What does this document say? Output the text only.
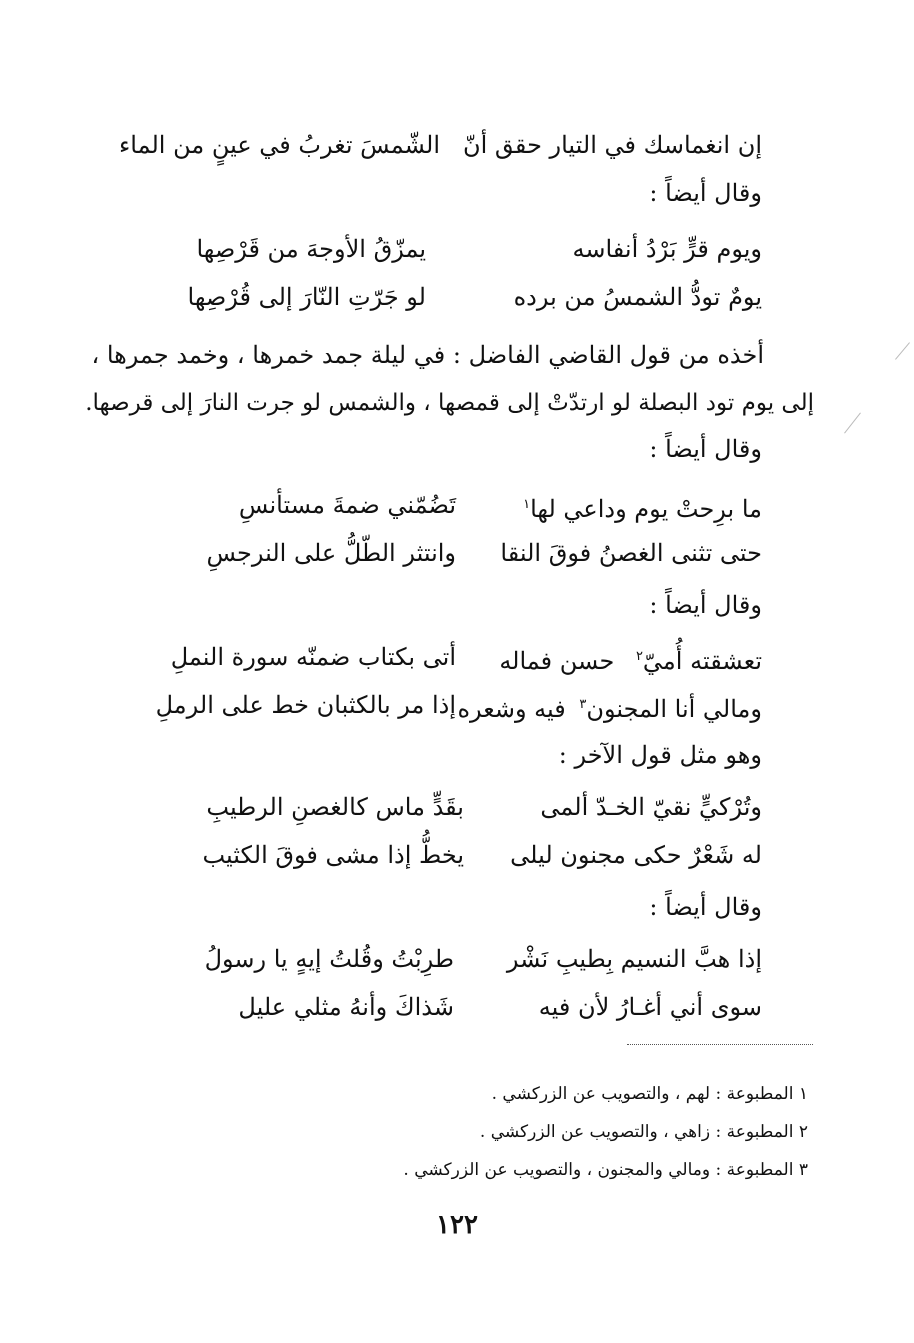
إن انغماسك في التيار حقق أنّ
الشّمسَ تغربُ في عينٍ من الماء
وقال أيضاً :
ويوم قرٍّ بَرْدُ أنفاسه
يمزّقُ الأوجهَ من قَرْصِها
يومٌ تودُّ الشمسُ من برده
لو جَرّتِ النّارَ إلى قُرْصِها
أخذه من قول القاضي الفاضل : في ليلة جمد خمرها ، وخمد جمرها ،
إلى يوم تود البصلة لو ارتدّتْ إلى قمصها ، والشمس لو جرت النارَ إلى قرصها.
وقال أيضاً :
ما برِحتْ يوم وداعي لها$^١$
تَضُمّني ضمةَ مستأنسِ
حتى تثنى الغصنُ فوقَ النقا
وانتثر الطّلُّ على النرجسِ
وقال أيضاً :
تعشقته أُميّ$^٢$ حسن فماله
أتى بكتاب ضمنّه سورة النملِ
ومالي أنا المجنون$^٣$ فيه وشعره
إذا مر بالكثبان خط على الرملِ
وهو مثل قول الآخر :
وتُرْكيٍّ نقيّ الخـدّ ألمى
بقَدٍّ ماس كالغصنِ الرطيبِ
له شَعْرٌ حكى مجنون ليلى
يخطُّ إذا مشى فوقَ الكثيب
وقال أيضاً :
إذا هبَّ النسيم بِطيبِ نَشْر
طرِبْتُ وقُلتُ إيهٍ يا رسولُ
سوى أني أغـارُ لأن فيه
شَذاكَ وأنهُ مثلي عليل
١ المطبوعة : لهم ، والتصويب عن الزركشي .
٢ المطبوعة : زاهي ، والتصويب عن الزركشي .
٣ المطبوعة : ومالي والمجنون ، والتصويب عن الزركشي .
١٢٢
